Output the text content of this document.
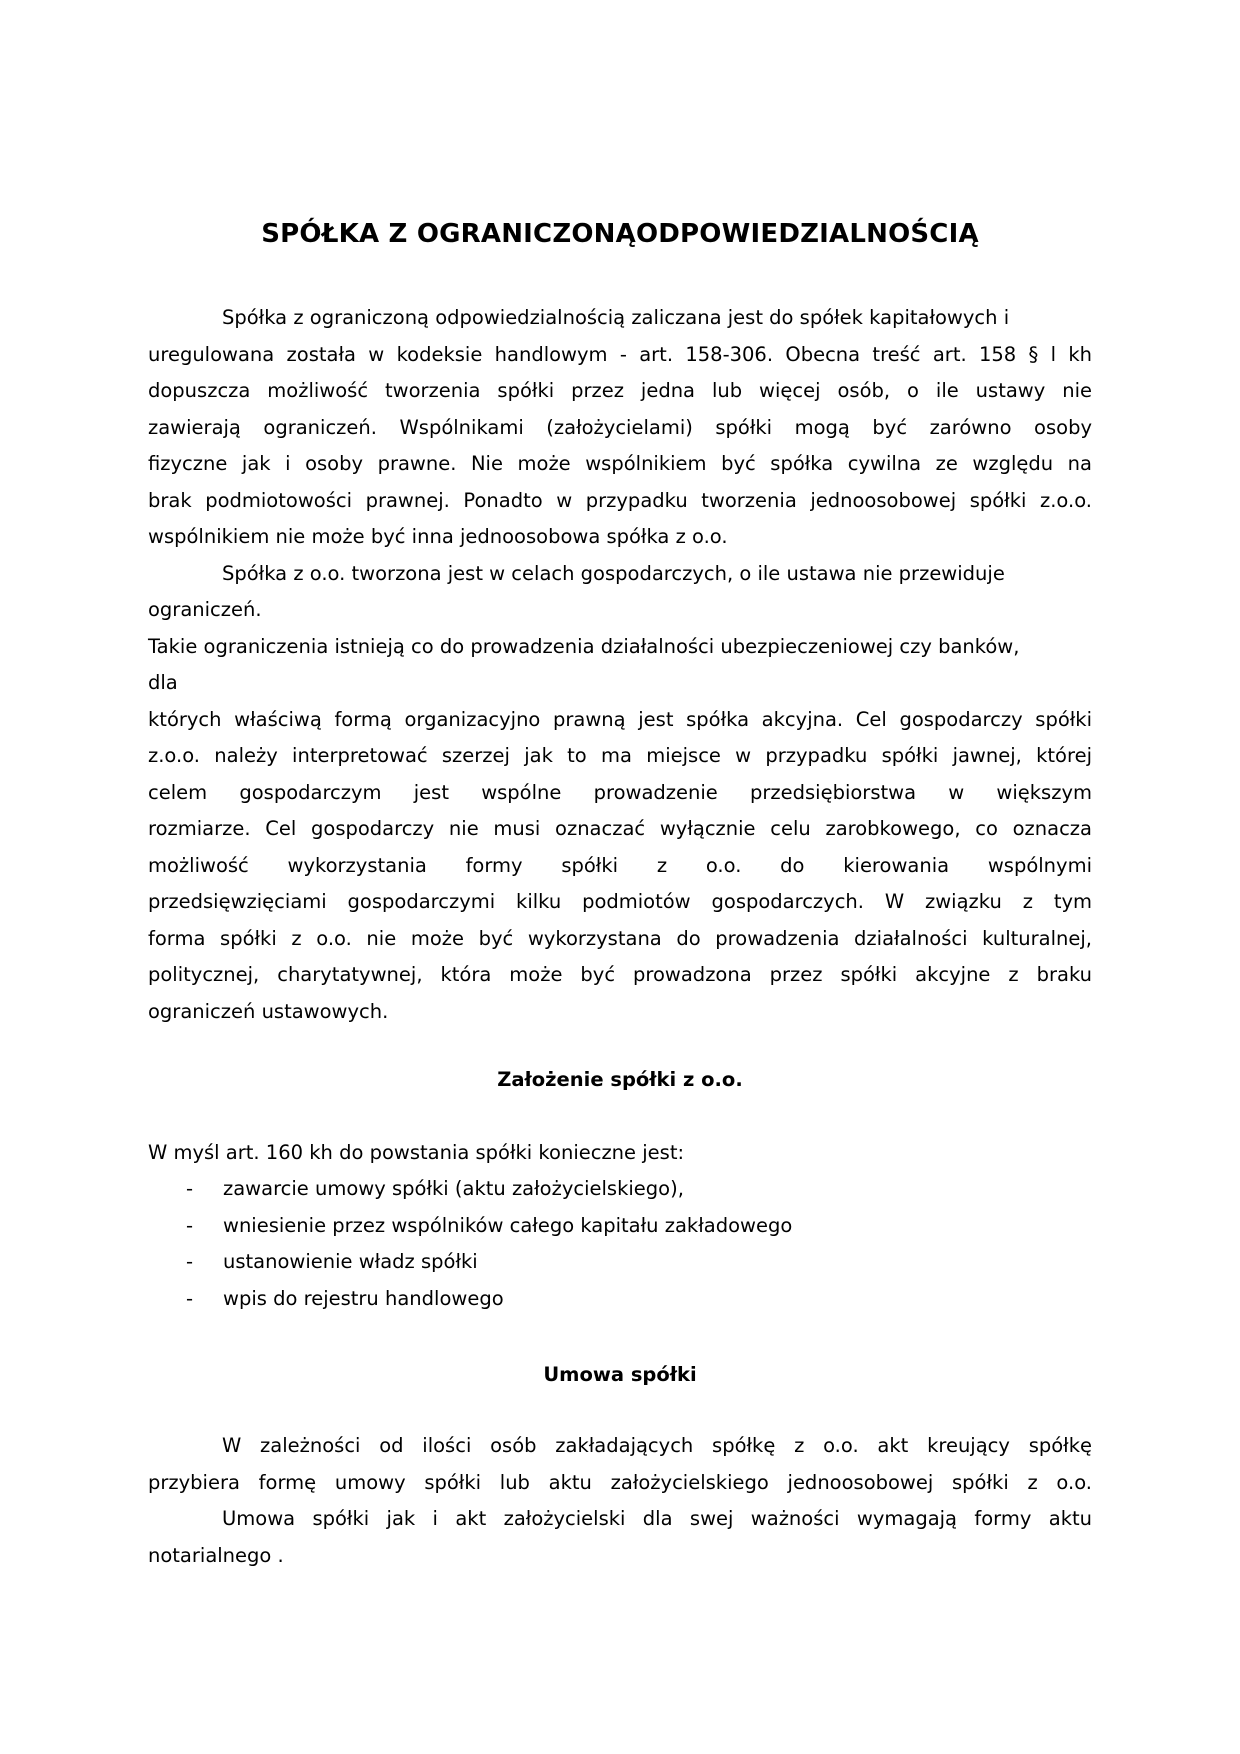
SPÓŁKA Z OGRANICZONĄODPOWIEDZIALNOŚCIĄ
Spółka z ograniczoną odpowiedzialnością zaliczana jest do spółek kapitałowych i
uregulowana została w kodeksie handlowym - art. 158-306. Obecna treść art. 158 § l kh
dopuszcza możliwość tworzenia spółki przez jedna lub więcej osób, o ile ustawy nie
zawierają ograniczeń. Wspólnikami (założycielami) spółki mogą być zarówno osoby
fizyczne jak i osoby prawne. Nie może wspólnikiem być spółka cywilna ze względu na
brak podmiotowości prawnej. Ponadto w przypadku tworzenia jednoosobowej spółki z.o.o.
wspólnikiem nie może być inna jednoosobowa spółka z o.o.
Spółka z o.o. tworzona jest w celach gospodarczych, o ile ustawa nie przewiduje
ograniczeń.
Takie ograniczenia istnieją co do prowadzenia działalności ubezpieczeniowej czy banków,
dla
których właściwą formą organizacyjno prawną jest spółka akcyjna. Cel gospodarczy spółki
z.o.o. należy interpretować szerzej jak to ma miejsce w przypadku spółki jawnej, której
celem gospodarczym jest wspólne prowadzenie przedsiębiorstwa w większym
rozmiarze. Cel gospodarczy nie musi oznaczać wyłącznie celu zarobkowego, co oznacza
możliwość wykorzystania formy spółki z o.o. do kierowania wspólnymi
przedsięwzięciami gospodarczymi kilku podmiotów gospodarczych. W związku z tym
forma spółki z o.o. nie może być wykorzystana do prowadzenia działalności kulturalnej,
politycznej, charytatywnej, która może być prowadzona przez spółki akcyjne z braku
ograniczeń ustawowych.
Założenie spółki z o.o.
W myśl art. 160 kh do powstania spółki konieczne jest:
- zawarcie umowy spółki (aktu założycielskiego),
- wniesienie przez wspólników całego kapitału zakładowego
- ustanowienie władz spółki
- wpis do rejestru handlowego
Umowa spółki
W zależności od ilości osób zakładających spółkę z o.o. akt kreujący spółkę
przybiera formę umowy spółki lub aktu założycielskiego jednoosobowej spółki z o.o.
Umowa spółki jak i akt założycielski dla swej ważności wymagają formy aktu
notarialnego .
